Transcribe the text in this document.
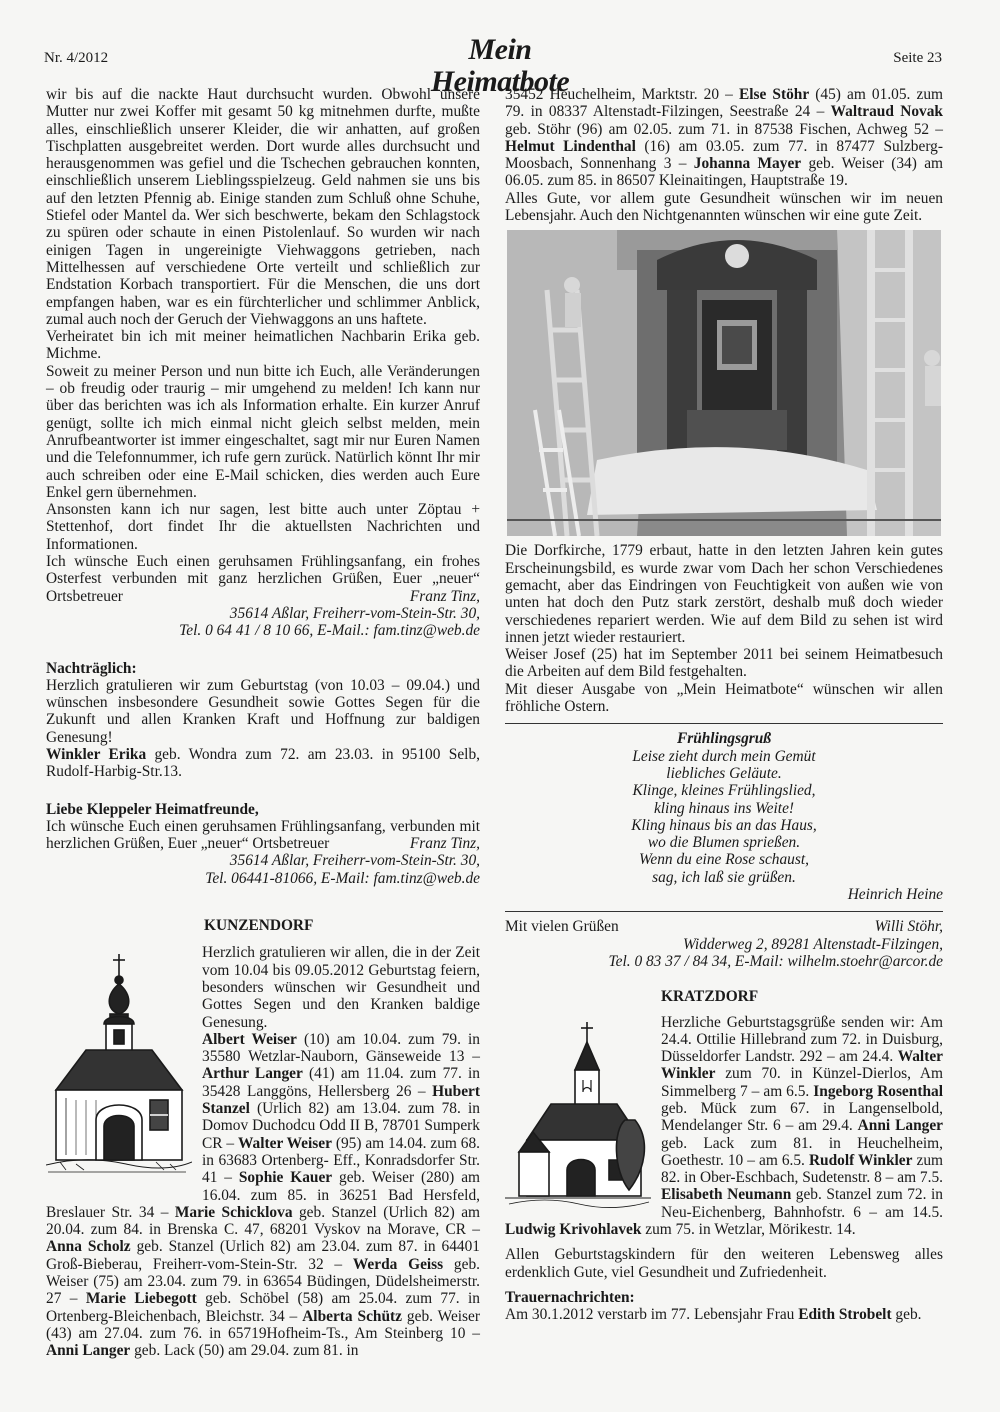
Nr. 4/2012	Mein Heimatbote
Seite 23

wir bis auf die nackte Haut durchsucht wurden. Obwohl unsere Mutter nur zwei Koffer mit gesamt 50 kg mitnehmen durfte, mußte alles, einschließlich unserer Kleider, die wir anhatten, auf großen Tischplatten ausgebreitet werden. Dort wurde alles durchsucht und herausgenommen was gefiel und die Tschechen gebrauchen konnten, einschließlich unserem Lieblingsspielzeug. Geld nahmen sie uns bis auf den letzten Pfennig ab. Einige standen zum Schluß ohne Schuhe, Stiefel oder Mantel da. Wer sich beschwerte, bekam den Schlagstock zu spüren oder schaute in einen Pistolenlauf. So wurden wir nach einigen Tagen in ungereinigte Viehwaggons getrieben, nach Mittelhessen auf verschiedene Orte verteilt und schließlich zur Endstation Korbach transportiert. Für die Menschen, die uns dort empfangen haben, war es ein fürchterlicher und schlimmer Anblick, zumal auch noch der Geruch der Viehwaggons an uns haftete.

Verheiratet bin ich mit meiner heimatlichen Nachbarin Erika geb. Michme.

Soweit zu meiner Person und nun bitte ich Euch, alle Veränderungen – ob freudig oder traurig – mir umgehend zu melden! Ich kann nur über das berichten was ich als Information erhalte. Ein kurzer Anruf genügt, sollte ich mich einmal nicht gleich selbst melden, mein Anrufbeantworter ist immer eingeschaltet, sagt mir nur Euren Namen und die Telefonnummer, ich rufe gern zurück. Natürlich könnt Ihr mir auch schreiben oder eine E-Mail schicken, dies werden auch Eure Enkel gern übernehmen.

Ansonsten kann ich nur sagen, lest bitte auch unter Zöptau + Stettenhof, dort findet Ihr die aktuellsten Nachrichten und Informationen.

Ich wünsche Euch einen geruhsamen Frühlingsanfang, ein frohes Osterfest verbunden mit ganz herzlichen Grüßen, Euer „neuer“ Ortsbetreuer	Franz Tinz,

35614 Aßlar, Freiherr-vom-Stein-Str. 30,

Tel. 0 64 41 / 8 10 66, E-Mail.: fam.tinz@web.de

Nachträglich:

Herzlich gratulieren wir zum Geburtstag (von 10.03 – 09.04.) und wünschen insbesondere Gesundheit sowie Gottes Segen für die Zukunft und allen Kranken Kraft und Hoffnung zur baldigen Genesung!

Winkler Erika geb. Wondra zum 72. am 23.03. in 95100 Selb, Rudolf-Harbig-Str.13.

Liebe Kleppeler Heimatfreunde,

Ich wünsche Euch einen geruhsamen Frühlingsanfang, verbunden mit herzlichen Grüßen, Euer „neuer“ Ortsbetreuer	Franz Tinz,

35614 Aßlar, Freiherr-vom-Stein-Str. 30,

Tel. 06441-81066, E-Mail: fam.tinz@web.de

KUNZENDORF

Herzlich gratulieren wir allen, die in der Zeit vom 10.04 bis 09.05.2012 Geburtstag feiern, besonders wünschen wir Gesundheit und Gottes Segen und den Kranken baldige Genesung.

Albert Weiser (10) am 10.04. zum 79. in 35580 Wetzlar-Nauborn, Gänseweide 13 – Arthur Langer (41) am 11.04. zum 77. in 35428 Langgöns, Hellersberg 26 – Hubert Stanzel (Urlich 82) am 13.04. zum 78. in Domov Duchodcu Odd II B, 78701 Sumperk CR – Walter Weiser (95) am 14.04. zum 68. in 63683 Ortenberg- Eff., Konradsdorfer Str. 41 – Sophie Kauer geb. Weiser (280) am 16.04. zum 85. in 36251 Bad Hersfeld, Breslauer Str. 34 – Marie Schicklova geb. Stanzel (Urlich 82) am 20.04. zum 84. in Brenska C. 47, 68201 Vyskov na Morave, CR – Anna Scholz geb. Stanzel (Urlich 82) am 23.04. zum 87. in 64401 Groß-Bieberau, Freiherr-vom-Stein-Str. 32 – Werda Geiss geb. Weiser (75) am 23.04. zum 79. in 63654 Büdingen, Düdelsheimerstr. 27 – Marie Liebegott geb. Schöbel (58) am 25.04. zum 77. in Ortenberg-Bleichenbach, Bleichstr. 34 – Alberta Schütz geb. Weiser (43) am 27.04. zum 76. in 65719Hofheim-Ts., Am Steinberg 10 – Anni Langer geb. Lack (50) am 29.04. zum 81. in

35452 Heuchelheim, Marktstr. 20 – Else Stöhr (45) am 01.05. zum 79. in 08337 Altenstadt-Filzingen, Seestraße 24 – Waltraud Novak geb. Stöhr (96) am 02.05. zum 71. in 87538 Fischen, Achweg 52 – Helmut Lindenthal (16) am 03.05. zum 77. in 87477 Sulzberg-Moosbach, Sonnenhang 3 – Johanna Mayer geb. Weiser (34) am 06.05. zum 85. in 86507 Kleinaitingen, Hauptstraße 19.

Alles Gute, vor allem gute Gesundheit wünschen wir im neuen Lebensjahr. Auch den Nichtgenannten wünschen wir eine gute Zeit.

Die Dorfkirche, 1779 erbaut, hatte in den letzten Jahren kein gutes Erscheinungsbild, es wurde zwar vom Dach her schon Verschiedenes gemacht, aber das Eindringen von Feuchtigkeit von außen wie von unten hat doch den Putz stark zerstört, deshalb muß doch wieder verschiedenes repariert werden. Wie auf dem Bild zu sehen ist wird innen jetzt wieder restauriert.

Weiser Josef (25) hat im September 2011 bei seinem Heimatbesuch die Arbeiten auf dem Bild festgehalten.

Mit dieser Ausgabe von „Mein Heimatbote“ wünschen wir allen fröhliche Ostern.

Frühlingsgruß
Leise zieht durch mein Gemüt
liebliches Geläute.
Klinge, kleines Frühlingslied,
kling hinaus ins Weite!
Kling hinaus bis an das Haus,
wo die Blumen sprießen.
Wenn du eine Rose schaust,
sag, ich laß sie grüßen.
Heinrich Heine
Mit vielen Grüßen	Willi Stöhr,

Widderweg 2, 89281 Altenstadt-Filzingen,

Tel. 0 83 37 / 84 34, E-Mail: wilhelm.stoehr@arcor.de

KRATZDORF

Herzliche Geburtstagsgrüße senden wir: Am 24.4. Ottilie Hillebrand zum 72. in Duisburg, Düsseldorfer Landstr. 292 – am 24.4. Walter Winkler zum 70. in Künzel-Dierlos, Am Simmelberg 7 – am 6.5. Ingeborg Rosenthal geb. Mück zum 67. in Langenselbold, Mendelanger Str. 6 – am 29.4. Anni Langer geb. Lack zum 81. in Heuchelheim, Goethestr. 10 – am 6.5. Rudolf Winkler zum 82. in Ober-Eschbach, Sudetenstr. 8 – am 7.5. Elisabeth Neumann geb. Stanzel zum 72. in Neu-Eichenberg, Bahnhofstr. 6 – am 14.5. Ludwig Krivohlavek zum 75. in Wetzlar, Mörikestr. 14.

Allen Geburtstagskindern für den weiteren Lebensweg alles erdenklich Gute, viel Gesundheit und Zufriedenheit.

Trauernachrichten:

Am 30.1.2012 verstarb im 77. Lebensjahr Frau Edith Strobelt geb.
